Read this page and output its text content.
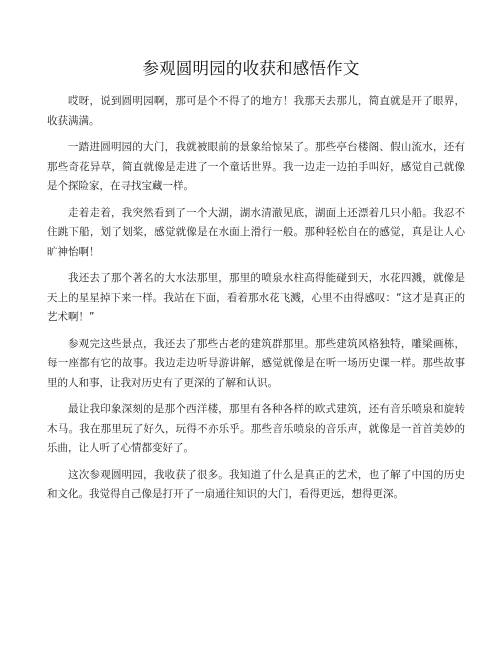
参观圆明园的收获和感悟作文

哎呀，说到圆明园啊，那可是个不得了的地方！我那天去那儿，简直就是开了眼界，收获满满。

一踏进圆明园的大门，我就被眼前的景象给惊呆了。那些亭台楼阁、假山流水，还有那些奇花异草，简直就像是走进了一个童话世界。我一边走一边拍手叫好，感觉自己就像是个探险家，在寻找宝藏一样。

走着走着，我突然看到了一个大湖，湖水清澈见底，湖面上还漂着几只小船。我忍不住跳下船，划了划桨，感觉就像是在水面上滑行一般。那种轻松自在的感觉，真是让人心旷神怡啊！

我还去了那个著名的大水法那里，那里的喷泉水柱高得能碰到天，水花四溅，就像是天上的星星掉下来一样。我站在下面，看着那水花飞溅，心里不由得感叹：“这才是真正的艺术啊！”

参观完这些景点，我还去了那些古老的建筑群那里。那些建筑风格独特，雕梁画栋，每一座都有它的故事。我边走边听导游讲解，感觉就像是在听一场历史课一样。那些故事里的人和事，让我对历史有了更深的了解和认识。

最让我印象深刻的是那个西洋楼，那里有各种各样的欧式建筑，还有音乐喷泉和旋转木马。我在那里玩了好久，玩得不亦乐乎。那些音乐喷泉的音乐声，就像是一首首美妙的乐曲，让人听了心情都变好了。

这次参观圆明园，我收获了很多。我知道了什么是真正的艺术，也了解了中国的历史和文化。我觉得自己像是打开了一扇通往知识的大门，看得更远，想得更深。
